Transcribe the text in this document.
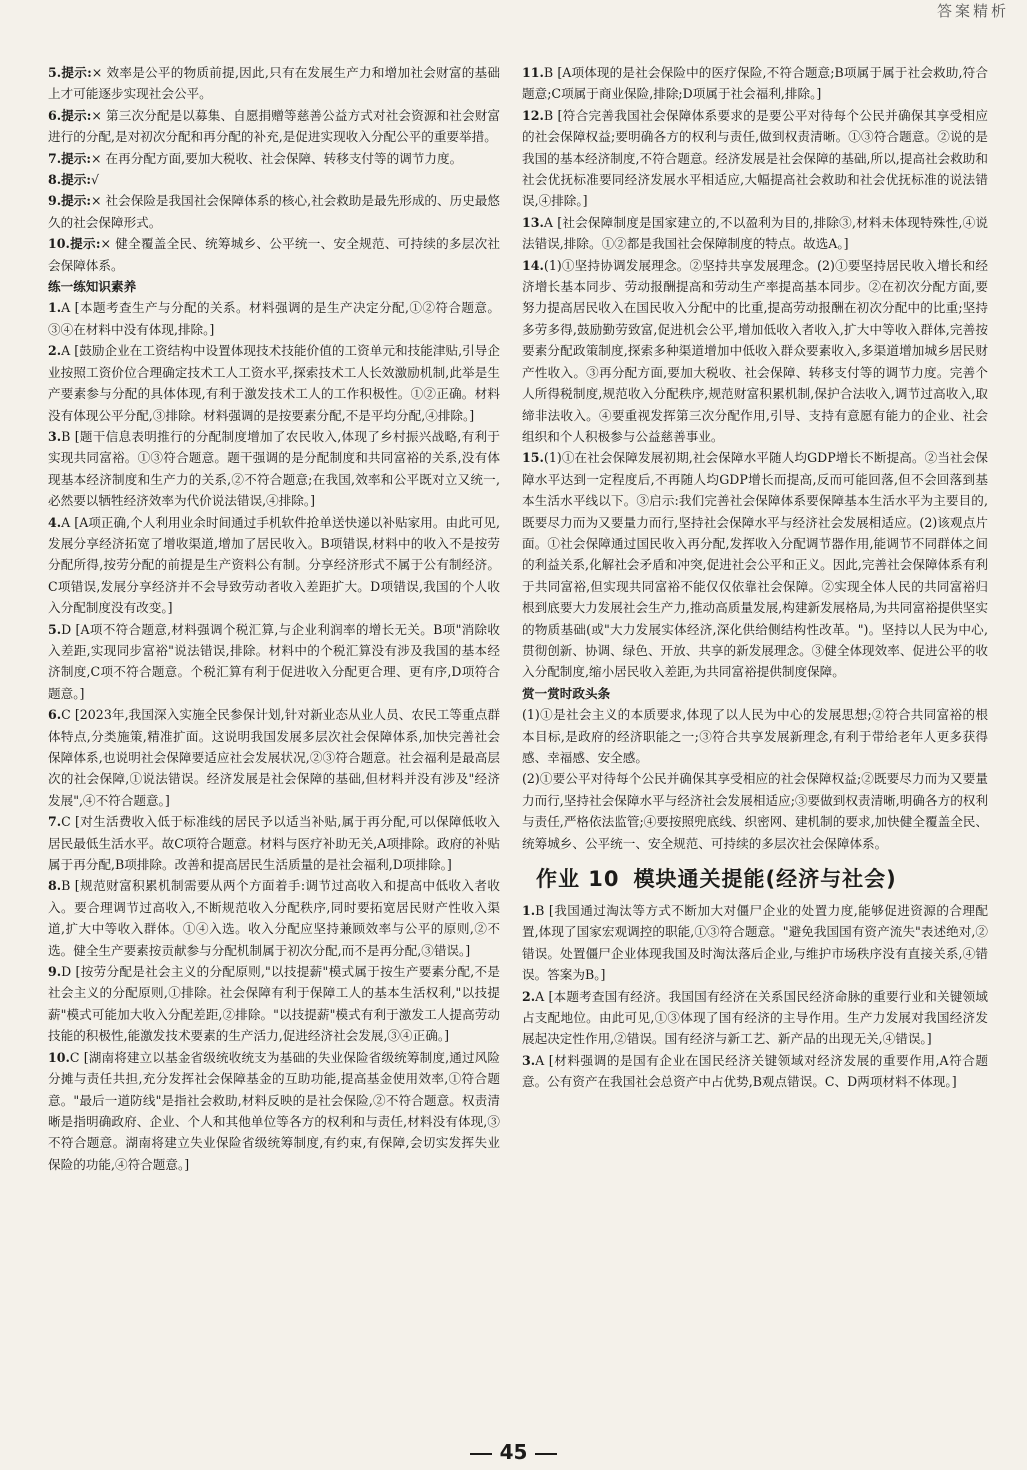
答案精析

5.提示:× 效率是公平的物质前提,因此,只有在发展生产力和增加社会财富的基础上才可能逐步实现社会公平。

6.提示:× 第三次分配是以募集、自愿捐赠等慈善公益方式对社会资源和社会财富进行的分配,是对初次分配和再分配的补充,是促进实现收入分配公平的重要举措。

7.提示:× 在再分配方面,要加大税收、社会保障、转移支付等的调节力度。

8.提示:√

9.提示:× 社会保险是我国社会保障体系的核心,社会救助是最先形成的、历史最悠久的社会保障形式。

10.提示:× 健全覆盖全民、统筹城乡、公平统一、安全规范、可持续的多层次社会保障体系。

练一练知识素养

1.A [本题考查生产与分配的关系。材料强调的是生产决定分配,①②符合题意。③④在材料中没有体现,排除。]

2.A [鼓励企业在工资结构中设置体现技术技能价值的工资单元和技能津贴,引导企业按照工资价位合理确定技术工人工资水平,探索技术工人长效激励机制,此举是生产要素参与分配的具体体现,有利于激发技术工人的工作积极性。①②正确。材料没有体现公平分配,③排除。材料强调的是按要素分配,不是平均分配,④排除。]

3.B [题干信息表明推行的分配制度增加了农民收入,体现了乡村振兴战略,有利于实现共同富裕。①③符合题意。题干强调的是分配制度和共同富裕的关系,没有体现基本经济制度和生产力的关系,②不符合题意;在我国,效率和公平既对立又统一,必然要以牺牲经济效率为代价说法错误,④排除。]

4.A [A项正确,个人利用业余时间通过手机软件抢单送快递以补贴家用。由此可见,发展分享经济拓宽了增收渠道,增加了居民收入。B项错误,材料中的收入不是按劳分配所得,按劳分配的前提是生产资料公有制。分享经济形式不属于公有制经济。C项错误,发展分享经济并不会导致劳动者收入差距扩大。D项错误,我国的个人收入分配制度没有改变。]

5.D [A项不符合题意,材料强调个税汇算,与企业利润率的增长无关。B项"消除收入差距,实现同步富裕"说法错误,排除。材料中的个税汇算没有涉及我国的基本经济制度,C项不符合题意。个税汇算有利于促进收入分配更合理、更有序,D项符合题意。]

6.C [2023年,我国深入实施全民参保计划,针对新业态从业人员、农民工等重点群体特点,分类施策,精准扩面。这说明我国发展多层次社会保障体系,加快完善社会保障体系,也说明社会保障要适应社会发展状况,②③符合题意。社会福利是最高层次的社会保障,①说法错误。经济发展是社会保障的基础,但材料并没有涉及"经济发展",④不符合题意。]

7.C [对生活费收入低于标准线的居民予以适当补贴,属于再分配,可以保障低收入居民最低生活水平。故C项符合题意。材料与医疗补助无关,A项排除。政府的补贴属于再分配,B项排除。改善和提高居民生活质量的是社会福利,D项排除。]

8.B [规范财富积累机制需要从两个方面着手:调节过高收入和提高中低收入者收入。要合理调节过高收入,不断规范收入分配秩序,同时要拓宽居民财产性收入渠道,扩大中等收入群体。①④入选。收入分配应坚持兼顾效率与公平的原则,②不选。健全生产要素按贡献参与分配机制属于初次分配,而不是再分配,③错误。]

9.D [按劳分配是社会主义的分配原则,"以技提薪"模式属于按生产要素分配,不是社会主义的分配原则,①排除。社会保障有利于保障工人的基本生活权利,"以技提薪"模式可能加大收入分配差距,②排除。"以技提薪"模式有利于激发工人提高劳动技能的积极性,能激发技术要素的生产活力,促进经济社会发展,③④正确。]

10.C [湖南将建立以基金省级统收统支为基础的失业保险省级统筹制度,通过风险分摊与责任共担,充分发挥社会保障基金的互助功能,提高基金使用效率,①符合题意。"最后一道防线"是指社会救助,材料反映的是社会保险,②不符合题意。权责清晰是指明确政府、企业、个人和其他单位等各方的权利和与责任,材料没有体现,③不符合题意。湖南将建立失业保险省级统筹制度,有约束,有保障,会切实发挥失业保险的功能,④符合题意。]

11.B [A项体现的是社会保险中的医疗保险,不符合题意;B项属于属于社会救助,符合题意;C项属于商业保险,排除;D项属于社会福利,排除。]

12.B [符合完善我国社会保障体系要求的是要公平对待每个公民并确保其享受相应的社会保障权益;要明确各方的权利与责任,做到权责清晰。①③符合题意。②说的是我国的基本经济制度,不符合题意。经济发展是社会保障的基础,所以,提高社会救助和社会优抚标准要同经济发展水平相适应,大幅提高社会救助和社会优抚标准的说法错误,④排除。]

13.A [社会保障制度是国家建立的,不以盈利为目的,排除③,材料未体现特殊性,④说法错误,排除。①②都是我国社会保障制度的特点。故选A。]

14.(1)①坚持协调发展理念。②坚持共享发展理念。(2)①要坚持居民收入增长和经济增长基本同步、劳动报酬提高和劳动生产率提高基本同步。②在初次分配方面,要努力提高居民收入在国民收入分配中的比重,提高劳动报酬在初次分配中的比重;坚持多劳多得,鼓励勤劳致富,促进机会公平,增加低收入者收入,扩大中等收入群体,完善按要素分配政策制度,探索多种渠道增加中低收入群众要素收入,多渠道增加城乡居民财产性收入。③再分配方面,要加大税收、社会保障、转移支付等的调节力度。完善个人所得税制度,规范收入分配秩序,规范财富积累机制,保护合法收入,调节过高收入,取缔非法收入。④要重视发挥第三次分配作用,引导、支持有意愿有能力的企业、社会组织和个人积极参与公益慈善事业。

15.(1)①在社会保障发展初期,社会保障水平随人均GDP增长不断提高。②当社会保障水平达到一定程度后,不再随人均GDP增长而提高,反而可能回落,但不会回落到基本生活水平线以下。③启示:我们完善社会保障体系要保障基本生活水平为主要目的,既要尽力而为又要量力而行,坚持社会保障水平与经济社会发展相适应。(2)该观点片面。①社会保障通过国民收入再分配,发挥收入分配调节器作用,能调节不同群体之间的利益关系,化解社会矛盾和冲突,促进社会公平和正义。因此,完善社会保障体系有利于共同富裕,但实现共同富裕不能仅仅依靠社会保障。②实现全体人民的共同富裕归根到底要大力发展社会生产力,推动高质量发展,构建新发展格局,为共同富裕提供坚实的物质基础(或"大力发展实体经济,深化供给侧结构性改革。")。坚持以人民为中心,贯彻创新、协调、绿色、开放、共享的新发展理念。③健全体现效率、促进公平的收入分配制度,缩小居民收入差距,为共同富裕提供制度保障。

赏一赏时政头条

(1)①是社会主义的本质要求,体现了以人民为中心的发展思想;②符合共同富裕的根本目标,是政府的经济职能之一;③符合共享发展新理念,有利于带给老年人更多获得感、幸福感、安全感。

(2)①要公平对待每个公民并确保其享受相应的社会保障权益;②既要尽力而为又要量力而行,坚持社会保障水平与经济社会发展相适应;③要做到权责清晰,明确各方的权利与责任,严格依法监管;④要按照兜底线、织密网、建机制的要求,加快健全覆盖全民、统筹城乡、公平统一、安全规范、可持续的多层次社会保障体系。

作业 10 模块通关提能(经济与社会)

1.B [我国通过淘汰等方式不断加大对僵尸企业的处置力度,能够促进资源的合理配置,体现了国家宏观调控的职能,①③符合题意。"避免我国国有资产流失"表述绝对,②错误。处置僵尸企业体现我国及时淘汰落后企业,与维护市场秩序没有直接关系,④错误。答案为B。]

2.A [本题考查国有经济。我国国有经济在关系国民经济命脉的重要行业和关键领域占支配地位。由此可见,①③体现了国有经济的主导作用。生产力发展对我国经济发展起决定性作用,②错误。国有经济与新工艺、新产品的出现无关,④错误。]

3.A [材料强调的是国有企业在国民经济关键领域对经济发展的重要作用,A符合题意。公有资产在我国社会总资产中占优势,B观点错误。C、D两项材料不体现。]

45
